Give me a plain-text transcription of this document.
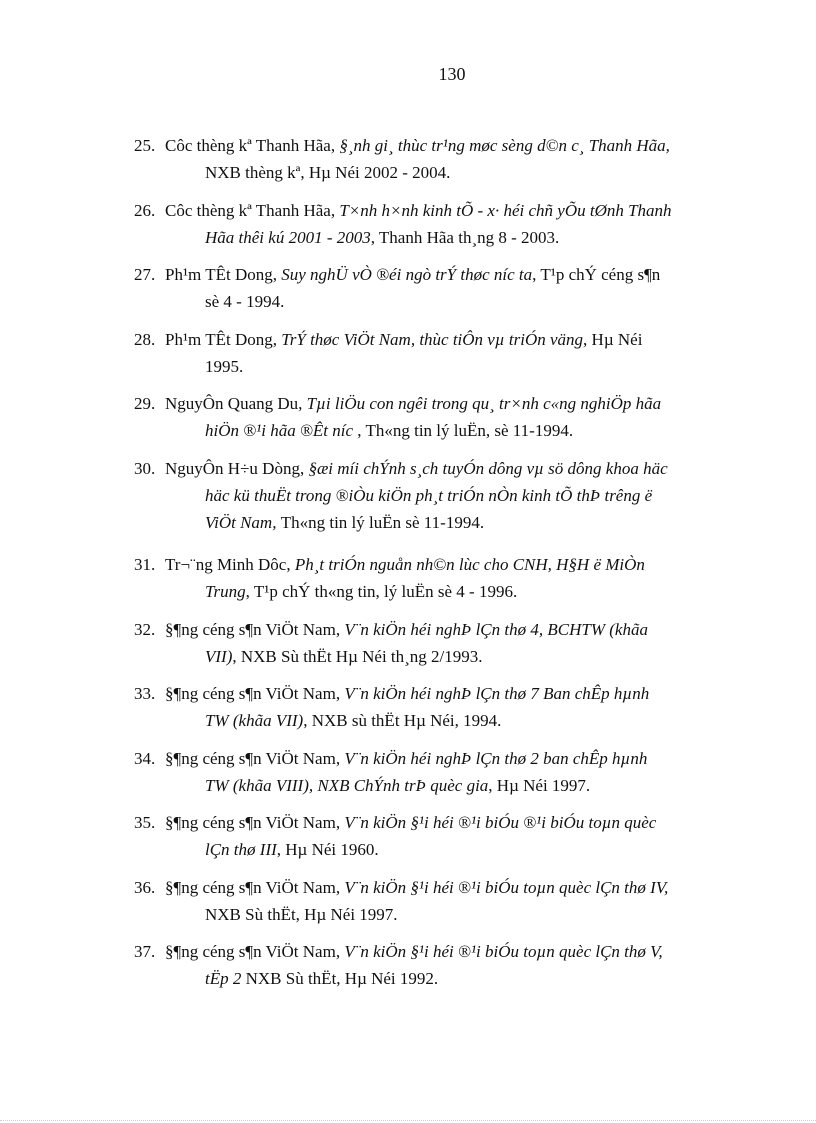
130
25. Côc thèng kª Thanh Hãa, §¸nh gi¸ thùc tr¹ng møc sèng d©n c¸ Thanh Hãa,
NXB thèng kª, Hµ Néi 2002 - 2004.
26. Côc thèng kª Thanh Hãa, T×nh h×nh kinh tÕ - x· héi chñ yÕu tØnh Thanh
Hãa thêi kú 2001 - 2003, Thanh Hãa th¸ng 8 - 2003.
27. Ph¹m TÊt Dong, Suy nghÜ vÒ ®éi ngò trÝ thøc níc ta, T¹p chÝ céng s¶n
sè 4 - 1994.
28. Ph¹m TÊt Dong, TrÝ thøc ViÖt Nam, thùc tiÔn vµ triÓn väng, Hµ Néi
1995.
29. NguyÔn Quang Du, Tµi liÖu con ngêi trong qu¸ tr×nh c«ng nghiÖp hãa
hiÖn ®¹i hãa ®Êt níc , Th«ng tin lý luËn, sè 11-1994.
30. NguyÔn H÷u Dòng, §æi míi chÝnh s¸ch tuyÓn dông vµ sö dông khoa häc
häc kü thuËt trong ®iÒu kiÖn ph¸t triÓn nÒn kinh tÕ thÞ trêng ë
ViÖt Nam, Th«ng tin lý luËn sè 11-1994.
31. Tr¬¨ng Minh Dôc, Ph¸t triÓn nguån nh©n lùc cho CNH, H§H ë MiÒn
Trung, T¹p chÝ th«ng tin, lý luËn sè 4 - 1996.
32. §¶ng céng s¶n ViÖt Nam, V¨n kiÖn héi nghÞ lÇn thø 4, BCHTW (khãa
VII), NXB Sù thËt Hµ Néi th¸ng 2/1993.
33. §¶ng céng s¶n ViÖt Nam, V¨n kiÖn héi nghÞ lÇn thø 7 Ban chÊp hµnh
TW (khãa VII), NXB sù thËt Hµ Néi, 1994.
34. §¶ng céng s¶n ViÖt Nam, V¨n kiÖn héi nghÞ lÇn thø 2 ban chÊp hµnh
TW (khãa VIII), NXB ChÝnh trÞ quèc gia, Hµ Néi 1997.
35. §¶ng céng s¶n ViÖt Nam, V¨n kiÖn §¹i héi ®¹i biÓu ®¹i biÓu toµn quèc
lÇn thø III, Hµ Néi 1960.
36. §¶ng céng s¶n ViÖt Nam, V¨n kiÖn §¹i héi ®¹i biÓu toµn quèc lÇn thø IV,
NXB Sù thËt, Hµ Néi 1997.
37. §¶ng céng s¶n ViÖt Nam, V¨n kiÖn §¹i héi ®¹i biÓu toµn quèc lÇn thø V,
tËp 2 NXB Sù thËt, Hµ Néi 1992.
